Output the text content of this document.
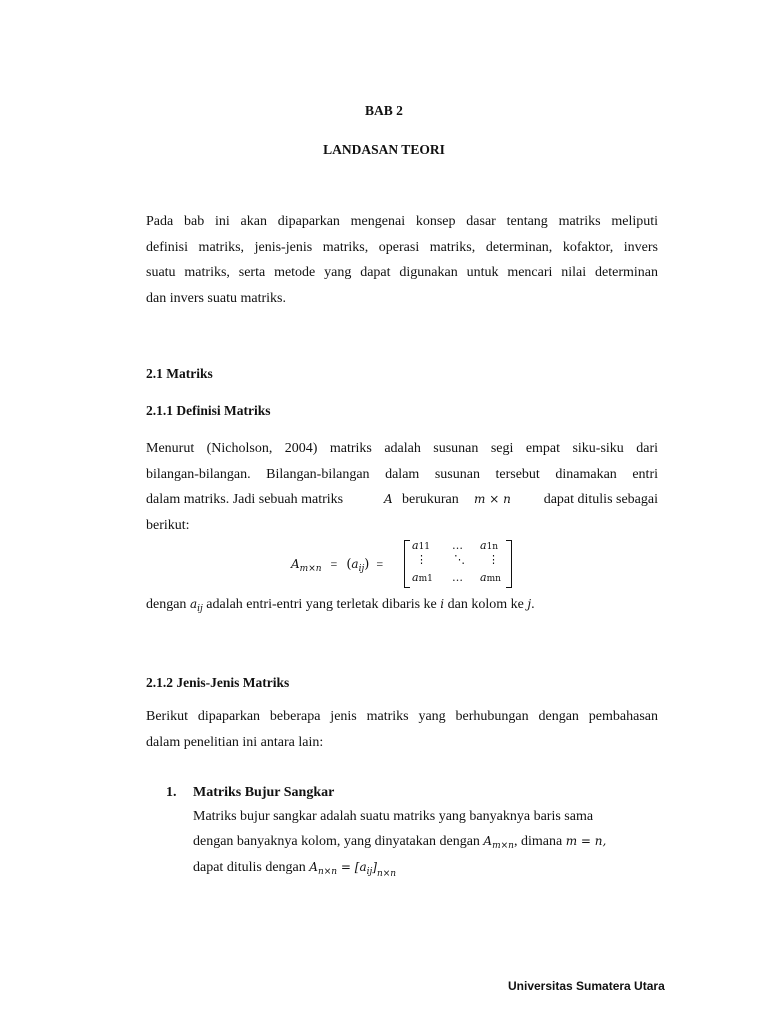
BAB 2
LANDASAN TEORI
Pada bab ini akan dipaparkan mengenai konsep dasar tentang matriks meliputi
definisi matriks, jenis-jenis matriks, operasi matriks, determinan, kofaktor, invers
suatu matriks, serta metode yang dapat digunakan untuk mencari nilai determinan
dan invers suatu matriks.
2.1 Matriks
2.1.1 Definisi Matriks
Menurut (Nicholson, 2004) matriks adalah susunan segi empat siku-siku dari
bilangan-bilangan. Bilangan-bilangan dalam susunan tersebut dinamakan entri
dalam matriks. Jadi sebuah matriks	A berukuran m × n dapat ditulis sebagai
berikut:
$A_{m\times n} = (a_{ij})$ =
a11 … a1n
⋮ ⋱ ⋮
am1 … amn
dengan $a_{ij}$ adalah entri-entri yang terletak dibaris ke i dan kolom ke j.
2.1.2 Jenis-Jenis Matriks
Berikut dipaparkan beberapa jenis matriks yang berhubungan dengan pembahasan
dalam penelitian ini antara lain:
1. Matriks Bujur Sangkar
Matriks bujur sangkar adalah suatu matriks yang banyaknya baris sama
dengan banyaknya kolom, yang dinyatakan dengan $A_{m\times n}$, dimana m = n,
dapat ditulis dengan $A_{n\times n} = [a_{ij}]_{n\times n}$
Universitas Sumatera Utara
